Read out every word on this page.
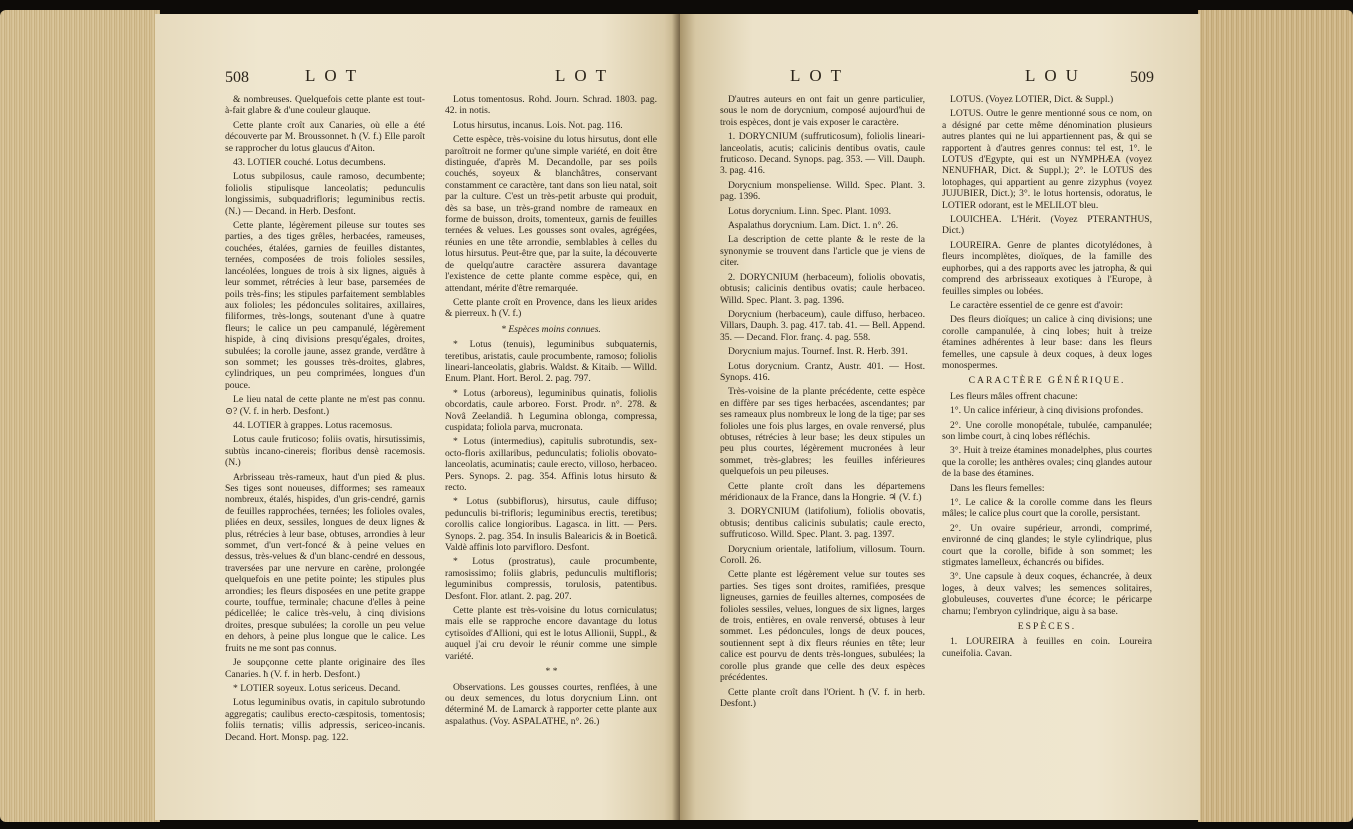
508	LOT	LOT

& nombreuses. Quelquefois cette plante est tout-à-fait glabre & d'une couleur glauque.

Cette plante croît aux Canaries, où elle a été découverte par M. Broussonnet. ħ (V. f.) Elle paroît se rapprocher du lotus glaucus d'Aiton.

43. LOTIER couché. Lotus decumbens.

Lotus subpilosus, caule ramoso, decumbente; foliolis stipulisque lanceolatis; pedunculis longissimis, subquadrifloris; leguminibus rectis. (N.) — Decand. in Herb. Desfont.

Cette plante, légèrement pileuse sur toutes ses parties, a des tiges grêles, herbacées, rameuses, couchées, étalées, garnies de feuilles distantes, ternées, composées de trois folioles sessiles, lancéolées, longues de trois à six lignes, aiguës à leur sommet, rétrécies à leur base, parsemées de poils très-fins; les stipules parfaitement semblables aux folioles; les pédoncules solitaires, axillaires, filiformes, très-longs, soutenant d'une à quatre fleurs; le calice un peu campanulé, légèrement hispide, à cinq divisions presqu'égales, droites, subulées; la corolle jaune, assez grande, verdâtre à son sommet; les gousses très-droites, glabres, cylindriques, un peu comprimées, longues d'un pouce.

Le lieu natal de cette plante ne m'est pas connu. ⊙? (V. f. in herb. Desfont.)

44. LOTIER à grappes. Lotus racemosus.

Lotus caule fruticoso; foliis ovatis, hirsutissimis, subtùs incano-cinereis; floribus densè racemosis. (N.)

Arbrisseau très-rameux, haut d'un pied & plus. Ses tiges sont noueuses, difformes; ses rameaux nombreux, étalés, hispides, d'un gris-cendré, garnis de feuilles rapprochées, ternées; les folioles ovales, pliées en deux, sessiles, longues de deux lignes & plus, rétrécies à leur base, obtuses, arrondies à leur sommet, d'un vert-foncé & à peine velues en dessus, très-velues & d'un blanc-cendré en dessous, traversées par une nervure en carène, prolongée quelquefois en une petite pointe; les stipules plus arrondies; les fleurs disposées en une petite grappe courte, touffue, terminale; chacune d'elles à peine pédicellée; le calice très-velu, à cinq divisions droites, presque subulées; la corolle un peu velue en dehors, à peine plus longue que le calice. Les fruits ne me sont pas connus.

Je soupçonne cette plante originaire des îles Canaries. ħ (V. f. in herb. Desfont.)

* LOTIER soyeux. Lotus sericeus. Decand.

Lotus leguminibus ovatis, in capitulo subrotundo aggregatis; caulibus erecto-cæspitosis, tomentosis; foliis ternatis; villis adpressis, sericeo-incanis. Decand. Hort. Monsp. pag. 122.

Lotus tomentosus. Rohd. Journ. Schrad. 1803. pag. 42. in notis.

Lotus hirsutus, incanus. Lois. Not. pag. 116.

Cette espèce, très-voisine du lotus hirsutus, dont elle paroîtroit ne former qu'une simple variété, en doit être distinguée, d'après M. Decandolle, par ses poils couchés, soyeux & blanchâtres, conservant constamment ce caractère, tant dans son lieu natal, soit par la culture. C'est un très-petit arbuste qui produit, dès sa base, un très-grand nombre de rameaux en forme de buisson, droits, tomenteux, garnis de feuilles ternées & velues. Les gousses sont ovales, agrégées, réunies en une tête arrondie, semblables à celles du lotus hirsutus. Peut-être que, par la suite, la découverte de quelqu'autre caractère assurera davantage l'existence de cette plante comme espèce, qui, en attendant, mérite d'être remarquée.

Cette plante croît en Provence, dans les lieux arides & pierreux. ħ (V. f.)

* Espèces moins connues.

* Lotus (tenuis), leguminibus subquaternis, teretibus, aristatis, caule procumbente, ramoso; foliolis lineari-lanceolatis, glabris. Waldst. & Kitaib. — Willd. Enum. Plant. Hort. Berol. 2. pag. 797.

* Lotus (arboreus), leguminibus quinatis, foliolis obcordatis, caule arboreo. Forst. Prodr. n°. 278. & Novâ Zeelandiâ. ħ Legumina oblonga, compressa, cuspidata; foliola parva, mucronata.

* Lotus (intermedius), capitulis subrotundis, sex-octo-floris axillaribus, pedunculatis; foliolis obovato-lanceolatis, acuminatis; caule erecto, villoso, herbaceo. Pers. Synops. 2. pag. 354. Affinis lotus hirsuto & recto.

* Lotus (subbiflorus), hirsutus, caule diffuso; pedunculis bi-trifloris; leguminibus erectis, teretibus; corollis calice longioribus. Lagasca. in litt. — Pers. Synops. 2. pag. 354. In insulis Balearicis & in Boeticâ. Valdè affinis loto parvifloro. Desfont.

* Lotus (prostratus), caule procumbente, ramosissimo; foliis glabris, pedunculis multifloris; leguminibus compressis, torulosis, patentibus. Desfont. Flor. atlant. 2. pag. 207.

Cette plante est très-voisine du lotus corniculatus; mais elle se rapproche encore davantage du lotus cytisoïdes d'Allioni, qui est le lotus Allionii, Suppl., & auquel j'ai cru devoir le réunir comme une simple variété.

* *

Observations. Les gousses courtes, renflées, à une ou deux semences, du lotus dorycnium Linn. ont déterminé M. de Lamarck à rapporter cette plante aux aspalathus. (Voy. ASPALATHE, n°. 26.)

LOT	LOU	509

D'autres auteurs en ont fait un genre particulier, sous le nom de dorycnium, composé aujourd'hui de trois espèces, dont je vais exposer le caractère.

1. DORYCNIUM (suffruticosum), foliolis lineari-lanceolatis, acutis; calicinis dentibus ovatis, caule fruticoso. Decand. Synops. pag. 353. — Vill. Dauph. 3. pag. 416.

Dorycnium monspeliense. Willd. Spec. Plant. 3. pag. 1396.

Lotus dorycnium. Linn. Spec. Plant. 1093.

Aspalathus dorycnium. Lam. Dict. 1. n°. 26.

La description de cette plante & le reste de la synonymie se trouvent dans l'article que je viens de citer.

2. DORYCNIUM (herbaceum), foliolis obovatis, obtusis; calicinis dentibus ovatis; caule herbaceo. Willd. Spec. Plant. 3. pag. 1396.

Dorycnium (herbaceum), caule diffuso, herbaceo. Villars, Dauph. 3. pag. 417. tab. 41. — Bell. Append. 35. — Decand. Flor. franç. 4. pag. 558.

Dorycnium majus. Tournef. Inst. R. Herb. 391.

Lotus dorycnium. Crantz, Austr. 401. — Host. Synops. 416.

Très-voisine de la plante précédente, cette espèce en diffère par ses tiges herbacées, ascendantes; par ses rameaux plus nombreux le long de la tige; par ses folioles une fois plus larges, en ovale renversé, plus obtuses, rétrécies à leur base; les deux stipules un peu plus courtes, légèrement mucronées à leur sommet, très-glabres; les feuilles inférieures quelquefois un peu pileuses.

Cette plante croît dans les départemens méridionaux de la France, dans la Hongrie. ♃ (V. f.)

3. DORYCNIUM (latifolium), foliolis obovatis, obtusis; dentibus calicinis subulatis; caule erecto, suffruticoso. Willd. Spec. Plant. 3. pag. 1397.

Dorycnium orientale, latifolium, villosum. Tourn. Coroll. 26.

Cette plante est légèrement velue sur toutes ses parties. Ses tiges sont droites, ramifiées, presque ligneuses, garnies de feuilles alternes, composées de folioles sessiles, velues, longues de six lignes, larges de trois, entières, en ovale renversé, obtuses à leur sommet. Les pédoncules, longs de deux pouces, soutiennent sept à dix fleurs réunies en tête; leur calice est pourvu de dents très-longues, subulées; la corolle plus grande que celle des deux espèces précédentes.

Cette plante croît dans l'Orient. ħ (V. f. in herb. Desfont.)

LOTUS. (Voyez LOTIER, Dict. & Suppl.)

LOTUS. Outre le genre mentionné sous ce nom, on a désigné par cette même dénomination plusieurs autres plantes qui ne lui appartiennent pas, & qui se rapportent à d'autres genres connus: tel est, 1°. le LOTUS d'Egypte, qui est un NYMPHÆA (voyez NENUFHAR, Dict. & Suppl.); 2°. le LOTUS des lotophages, qui appartient au genre zizyphus (voyez JUJUBIER, Dict.); 3°. le lotus hortensis, odoratus, le LOTIER odorant, est le MELILOT bleu.

LOUICHEA. L'Hérit. (Voyez PTERANTHUS, Dict.)

LOUREIRA. Genre de plantes dicotylédones, à fleurs incomplètes, dioïques, de la famille des euphorbes, qui a des rapports avec les jatropha, & qui comprend des arbrisseaux exotiques à l'Europe, à feuilles simples ou lobées.

Le caractère essentiel de ce genre est d'avoir:

Des fleurs dioïques; un calice à cinq divisions; une corolle campanulée, à cinq lobes; huit à treize étamines adhérentes à leur base: dans les fleurs femelles, une capsule à deux coques, à deux loges monospermes.

CARACTÈRE GÉNÉRIQUE.

Les fleurs mâles offrent chacune:

1°. Un calice inférieur, à cinq divisions profondes.

2°. Une corolle monopétale, tubulée, campanulée; son limbe court, à cinq lobes réfléchis.

3°. Huit à treize étamines monadelphes, plus courtes que la corolle; les anthères ovales; cinq glandes autour de la base des étamines.

Dans les fleurs femelles:

1°. Le calice & la corolle comme dans les fleurs mâles; le calice plus court que la corolle, persistant.

2°. Un ovaire supérieur, arrondi, comprimé, environné de cinq glandes; le style cylindrique, plus court que la corolle, bifide à son sommet; les stigmates lamelleux, échancrés ou bifides.

3°. Une capsule à deux coques, échancrée, à deux loges, à deux valves; les semences solitaires, globuleuses, couvertes d'une écorce; le péricarpe charnu; l'embryon cylindrique, aigu à sa base.

ESPÈCES.

1. LOUREIRA à feuilles en coin. Loureira cuneifolia. Cavan.
